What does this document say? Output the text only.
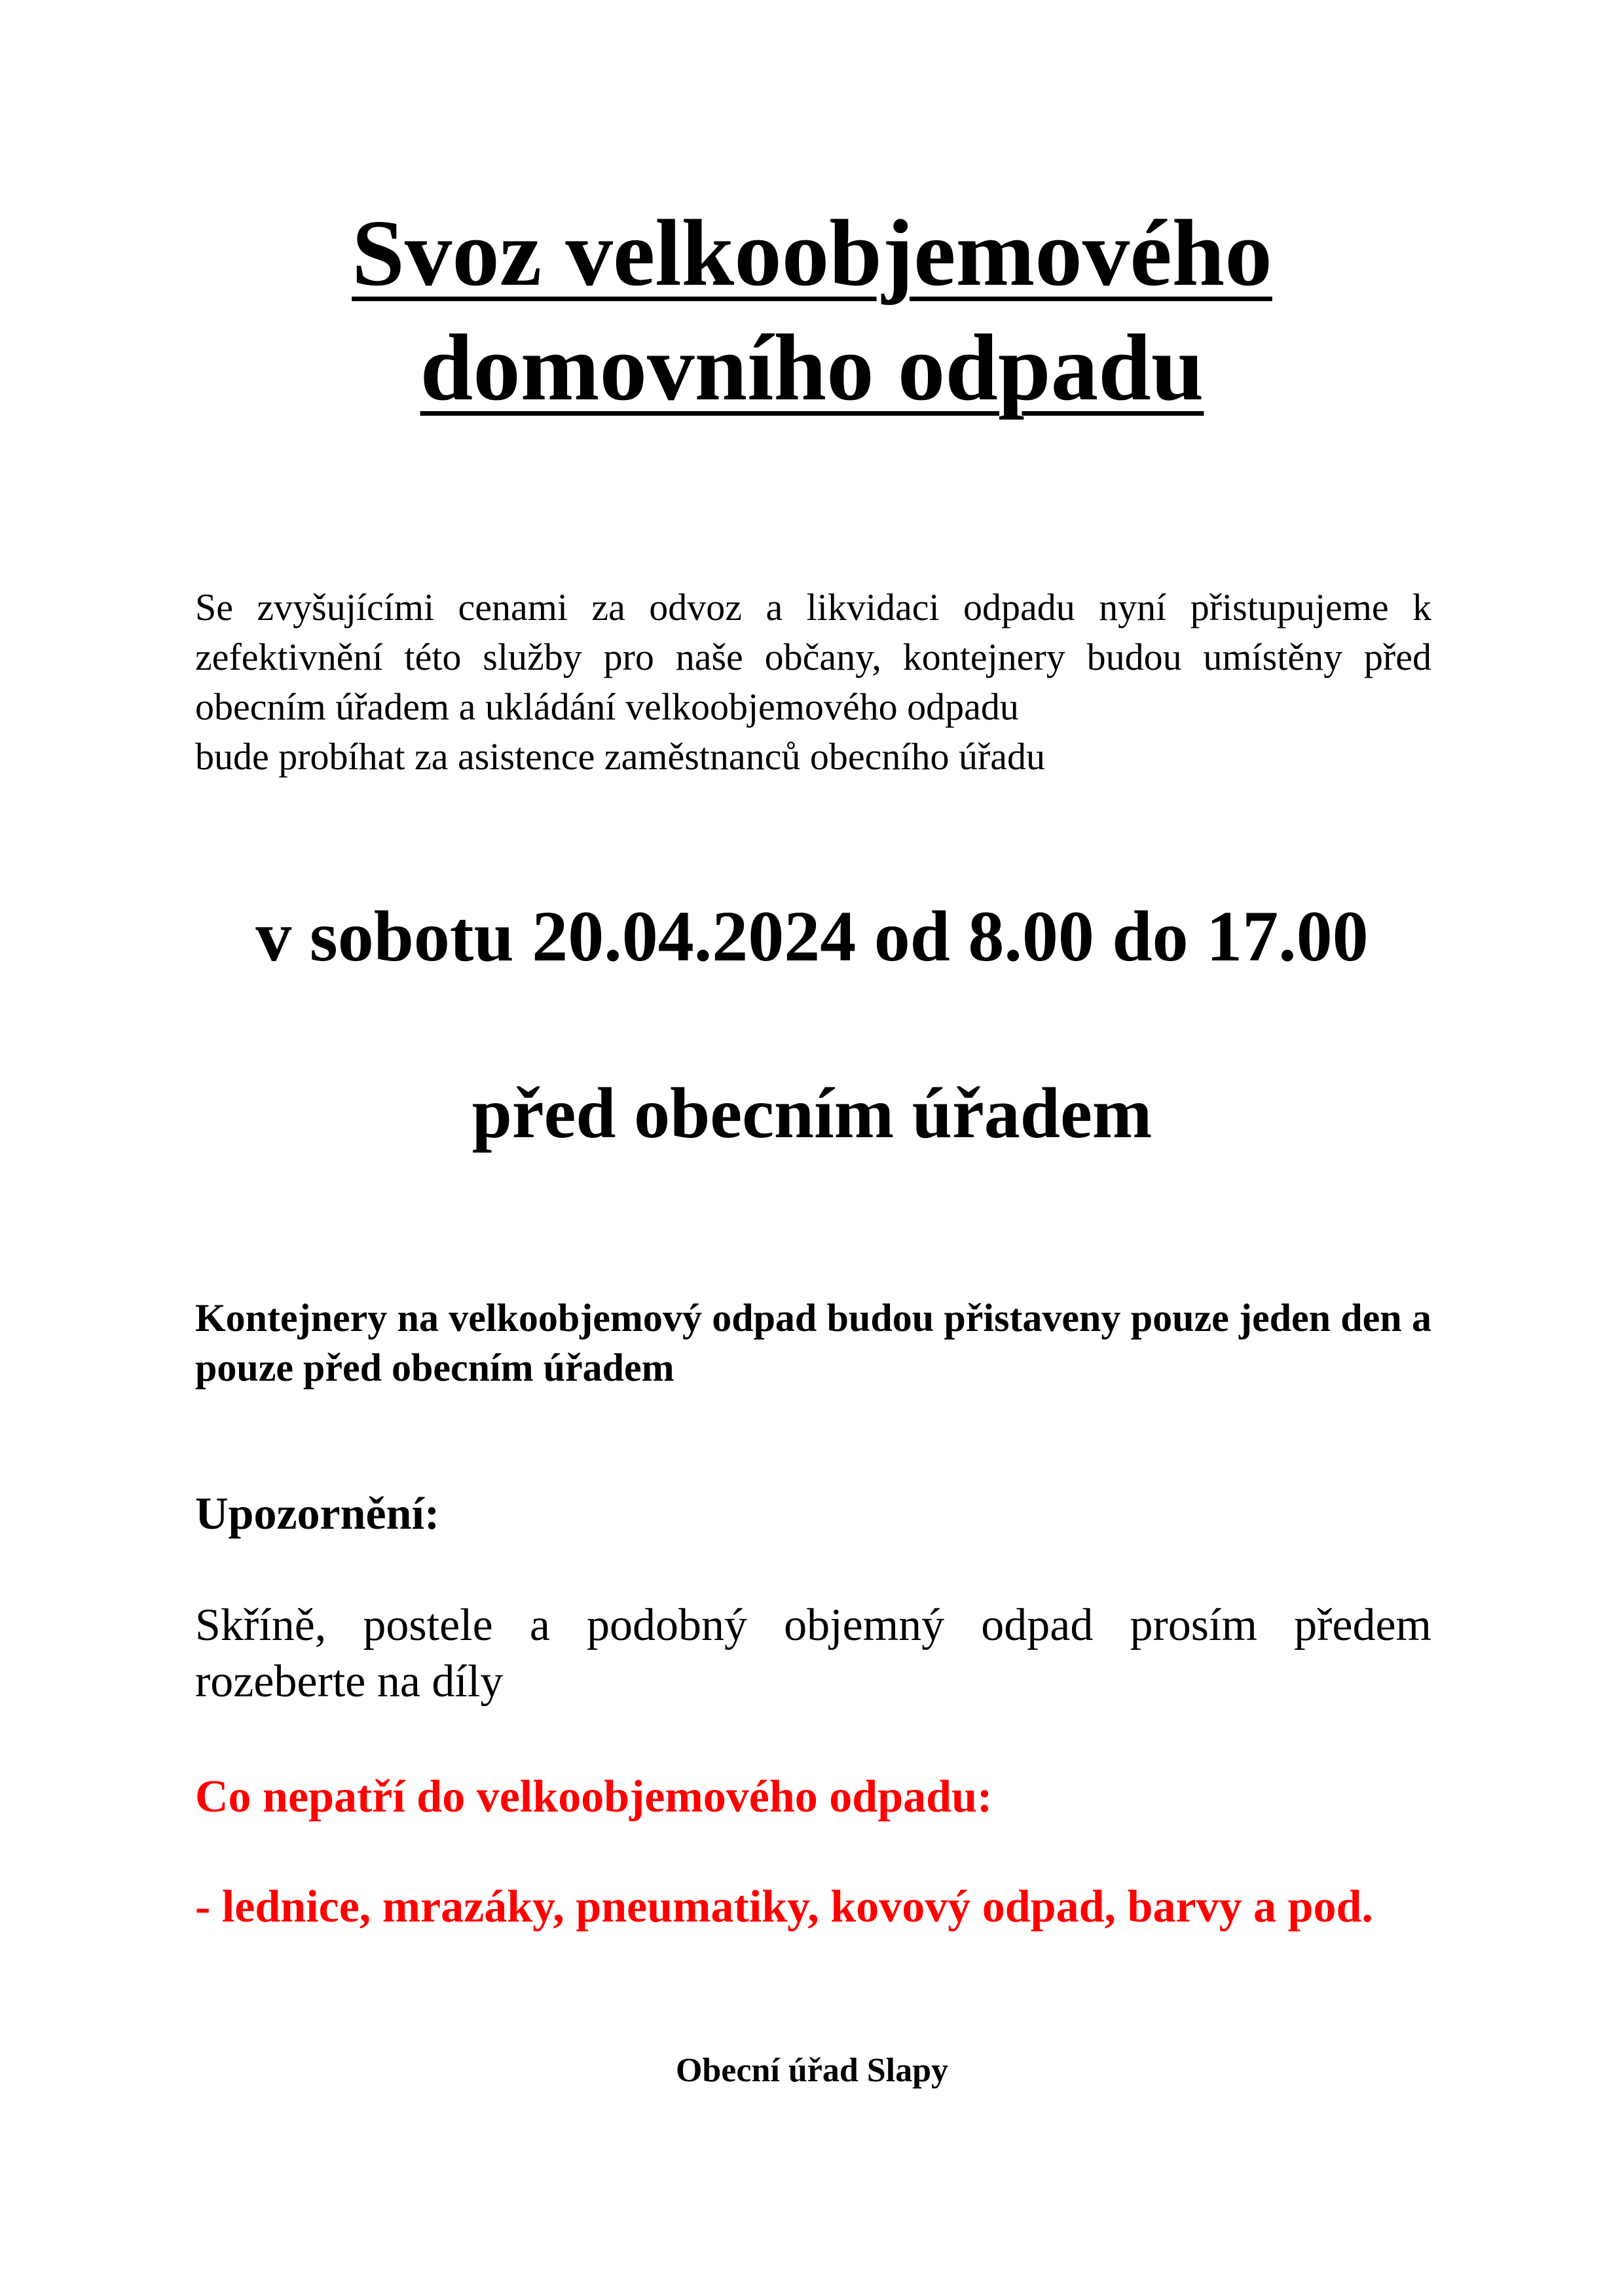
Svoz velkoobjemového
domovního odpadu

Se zvyšujícími cenami za odvoz a likvidaci odpadu nyní přistupujeme k zefektivnění této služby pro naše občany, kontejnery budou umístěny před obecním úřadem a ukládání velkoobjemového odpadu
bude probíhat za asistence zaměstnanců obecního úřadu

v sobotu 20.04.2024 od 8.00 do 17.00

před obecním úřadem

Kontejnery na velkoobjemový odpad budou přistaveny pouze jeden den a pouze před obecním úřadem

Upozornění:

Skříně, postele a podobný objemný odpad prosím předem rozeberte na díly

Co nepatří do velkoobjemového odpadu:

- lednice, mrazáky, pneumatiky, kovový odpad, barvy a pod.

Obecní úřad Slapy
